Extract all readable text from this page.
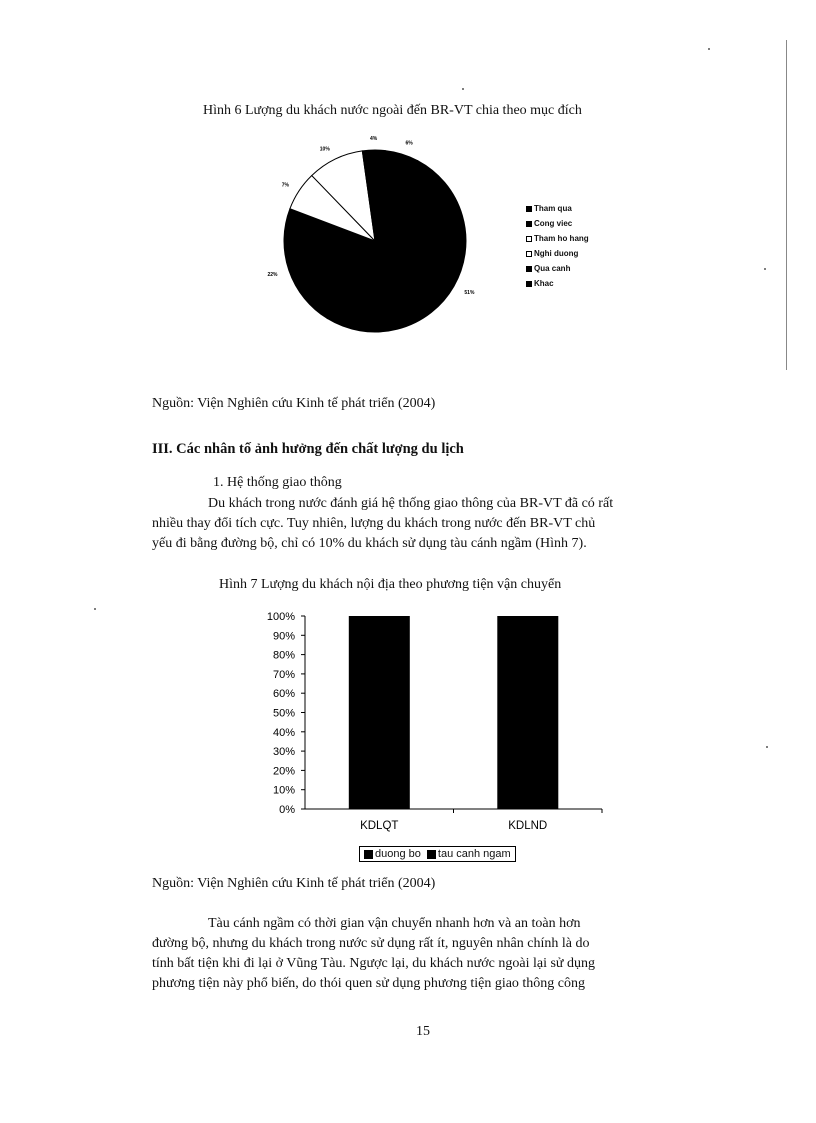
Hình 6 Lượng du khách nước ngoài đến BR-VT chia theo mục đích
51%
22%
7%
10%
4%
6%
Tham qua
Cong viec
Tham ho hang
Nghi duong
Qua canh
Khac
Nguồn: Viện Nghiên cứu Kinh tế phát triển (2004)
III. Các nhân tố ảnh hưởng đến chất lượng du lịch
1. Hệ thống giao thông
Du khách trong nước đánh giá hệ thống giao thông của BR-VT đã có rất
nhiều thay đổi tích cực. Tuy nhiên, lượng du khách trong nước đến BR-VT chủ
yếu đi bằng đường bộ, chỉ có 10% du khách sử dụng tàu cánh ngầm (Hình 7).
Hình 7 Lượng du khách nội địa theo phương tiện vận chuyển
0%
10%
20%
30%
40%
50%
60%
70%
80%
90%
100%
KDLQT	KDLND
duong bo tau canh ngam
Nguồn: Viện Nghiên cứu Kinh tế phát triển (2004)
Tàu cánh ngầm có thời gian vận chuyển nhanh hơn và an toàn hơn
đường bộ, nhưng du khách trong nước sử dụng rất ít, nguyên nhân chính là do
tính bất tiện khi đi lại ở Vũng Tàu. Ngược lại, du khách nước ngoài lại sử dụng
phương tiện này phổ biến, do thói quen sử dụng phương tiện giao thông công
15
